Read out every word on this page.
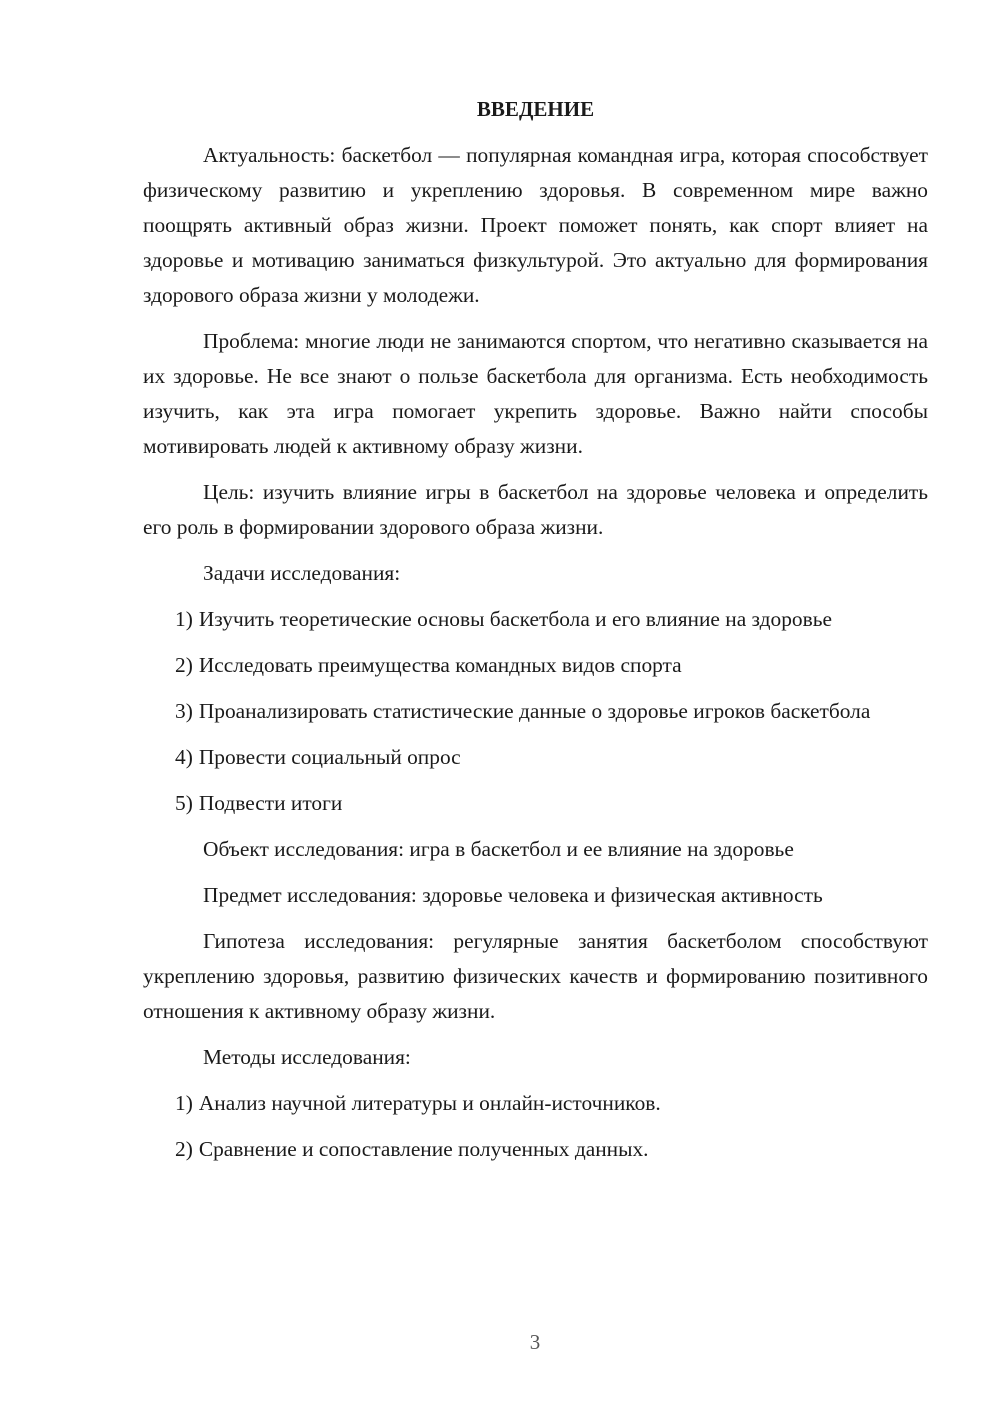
ВВЕДЕНИЕ

Актуальность: баскетбол — популярная командная игра, которая способствует физическому развитию и укреплению здоровья. В современном мире важно поощрять активный образ жизни. Проект поможет понять, как спорт влияет на здоровье и мотивацию заниматься физкультурой. Это актуально для формирования здорового образа жизни у молодежи.

Проблема: многие люди не занимаются спортом, что негативно сказывается на их здоровье. Не все знают о пользе баскетбола для организма. Есть необходимость изучить, как эта игра помогает укрепить здоровье. Важно найти способы мотивировать людей к активному образу жизни.

Цель: изучить влияние игры в баскетбол на здоровье человека и определить его роль в формировании здорового образа жизни.

Задачи исследования:

1) Изучить теоретические основы баскетбола и его влияние на здоровье

2) Исследовать преимущества командных видов спорта

3) Проанализировать статистические данные о здоровье игроков баскетбола

4) Провести социальный опрос

5) Подвести итоги

Объект исследования: игра в баскетбол и ее влияние на здоровье

Предмет исследования: здоровье человека и физическая активность

Гипотеза исследования: регулярные занятия баскетболом способствуют укреплению здоровья, развитию физических качеств и формированию позитивного отношения к активному образу жизни.

Методы исследования:

1) Анализ научной литературы и онлайн-источников.

2) Сравнение и сопоставление полученных данных.

3
